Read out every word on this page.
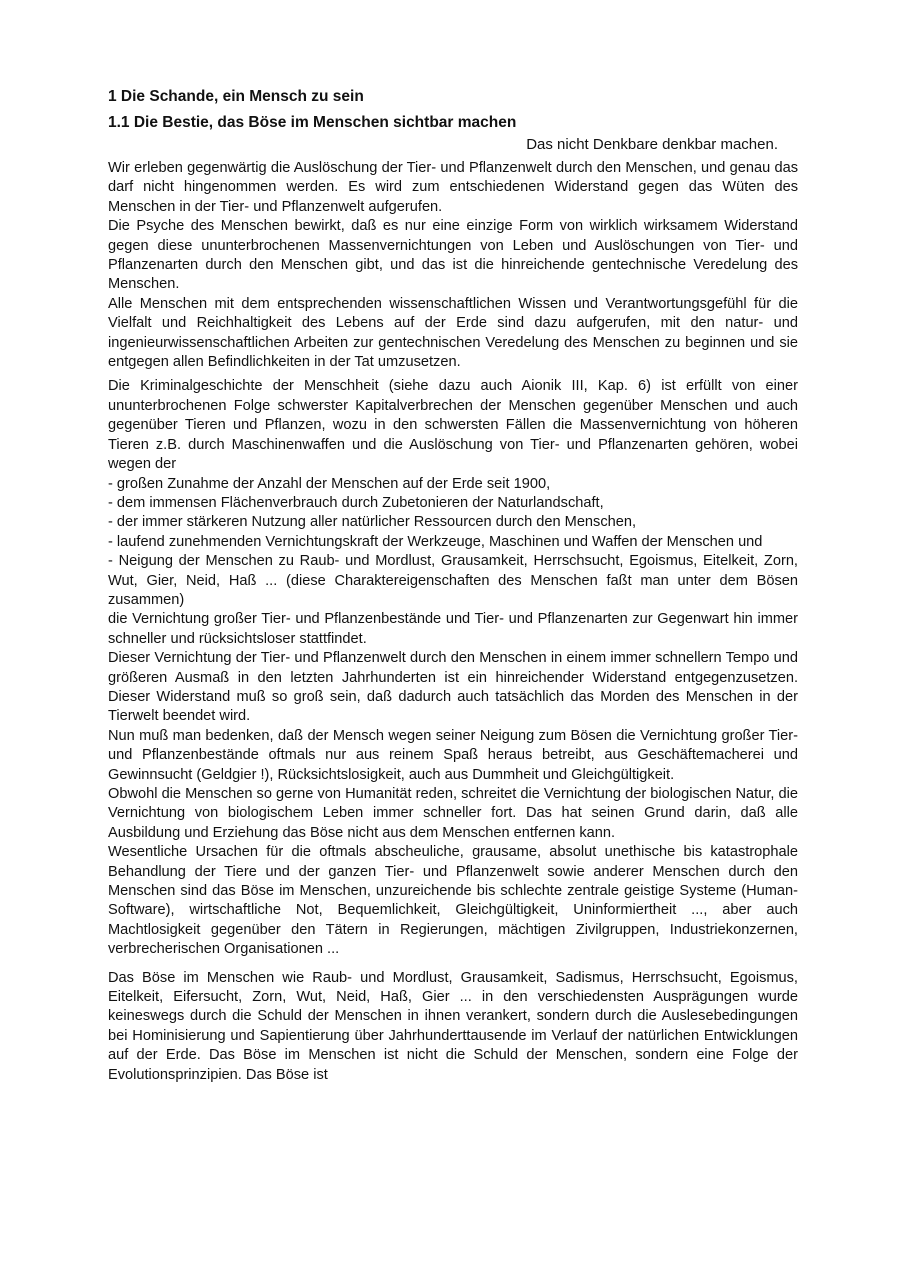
1 Die Schande, ein Mensch zu sein
1.1 Die Bestie, das Böse im Menschen sichtbar machen
Das nicht Denkbare denkbar machen.

Wir erleben gegenwärtig die Auslöschung der Tier- und Pflanzenwelt durch den Menschen, und genau das darf nicht hingenommen werden. Es wird zum entschiedenen Widerstand gegen das Wüten des Menschen in der Tier- und Pflanzenwelt aufgerufen.

Die Psyche des Menschen bewirkt, daß es nur eine einzige Form von wirklich wirksamem Widerstand gegen diese ununterbrochenen Massenvernichtungen von Leben und Auslöschungen von Tier- und Pflanzenarten durch den Menschen gibt, und das ist die hinreichende gentechnische Veredelung des Menschen.

Alle Menschen mit dem entsprechenden wissenschaftlichen Wissen und Verantwortungsgefühl für die Vielfalt und Reichhaltigkeit des Lebens auf der Erde sind dazu aufgerufen, mit den natur- und ingenieurwissenschaftlichen Arbeiten zur gentechnischen Veredelung des Menschen zu beginnen und sie entgegen allen Befindlichkeiten in der Tat umzusetzen.

Die Kriminalgeschichte der Menschheit (siehe dazu auch Aionik III, Kap. 6) ist erfüllt von einer ununterbrochenen Folge schwerster Kapitalverbrechen der Menschen gegenüber Menschen und auch gegenüber Tieren und Pflanzen, wozu in den schwersten Fällen die Massenvernichtung von höheren Tieren z.B. durch Maschinenwaffen und die Auslöschung von Tier- und Pflanzenarten gehören, wobei wegen der

- großen Zunahme der Anzahl der Menschen auf der Erde seit 1900,

- dem immensen Flächenverbrauch durch Zubetonieren der Naturlandschaft,

- der immer stärkeren Nutzung aller natürlicher Ressourcen durch den Menschen,

- laufend zunehmenden Vernichtungskraft der Werkzeuge, Maschinen und Waffen der Menschen und

- Neigung der Menschen zu Raub- und Mordlust, Grausamkeit, Herrschsucht, Egoismus, Eitelkeit, Zorn, Wut, Gier, Neid, Haß ... (diese Charaktereigenschaften des Menschen faßt man unter dem Bösen zusammen)

die Vernichtung großer Tier- und Pflanzenbestände und Tier- und Pflanzenarten zur Gegenwart hin immer schneller und rücksichtsloser stattfindet.

Dieser Vernichtung der Tier- und Pflanzenwelt durch den Menschen in einem immer schnellern Tempo und größeren Ausmaß in den letzten Jahrhunderten ist ein hinreichender Widerstand entgegenzusetzen. Dieser Widerstand muß so groß sein, daß dadurch auch tatsächlich das Morden des Menschen in der Tierwelt beendet wird.

Nun muß man bedenken, daß der Mensch wegen seiner Neigung zum Bösen die Vernichtung großer Tier- und Pflanzenbestände oftmals nur aus reinem Spaß heraus betreibt, aus Geschäftemacherei und Gewinnsucht (Geldgier !), Rücksichtslosigkeit, auch aus Dummheit und Gleichgültigkeit.

Obwohl die Menschen so gerne von Humanität reden, schreitet die Vernichtung der biologischen Natur, die Vernichtung von biologischem Leben immer schneller fort. Das hat seinen Grund darin, daß alle Ausbildung und Erziehung das Böse nicht aus dem Menschen entfernen kann.

Wesentliche Ursachen für die oftmals abscheuliche, grausame, absolut unethische bis katastrophale Behandlung der Tiere und der ganzen Tier- und Pflanzenwelt sowie anderer Menschen durch den Menschen sind das Böse im Menschen, unzureichende bis schlechte zentrale geistige Systeme (Human-Software), wirtschaftliche Not, Bequemlichkeit, Gleichgültigkeit, Uninformiertheit ..., aber auch Machtlosigkeit gegenüber den Tätern in Regierungen, mächtigen Zivilgruppen, Industriekonzernen, verbrecherischen Organisationen ...

Das Böse im Menschen wie Raub- und Mordlust, Grausamkeit, Sadismus, Herrschsucht, Egoismus, Eitelkeit, Eifersucht, Zorn, Wut, Neid, Haß, Gier ... in den verschiedensten Ausprägungen wurde keineswegs durch die Schuld der Menschen in ihnen verankert, sondern durch die Auslesebedingungen bei Hominisierung und Sapientierung über Jahrhunderttausende im Verlauf der natürlichen Entwicklungen auf der Erde. Das Böse im Menschen ist nicht die Schuld der Menschen, sondern eine Folge der Evolutionsprinzipien. Das Böse ist
